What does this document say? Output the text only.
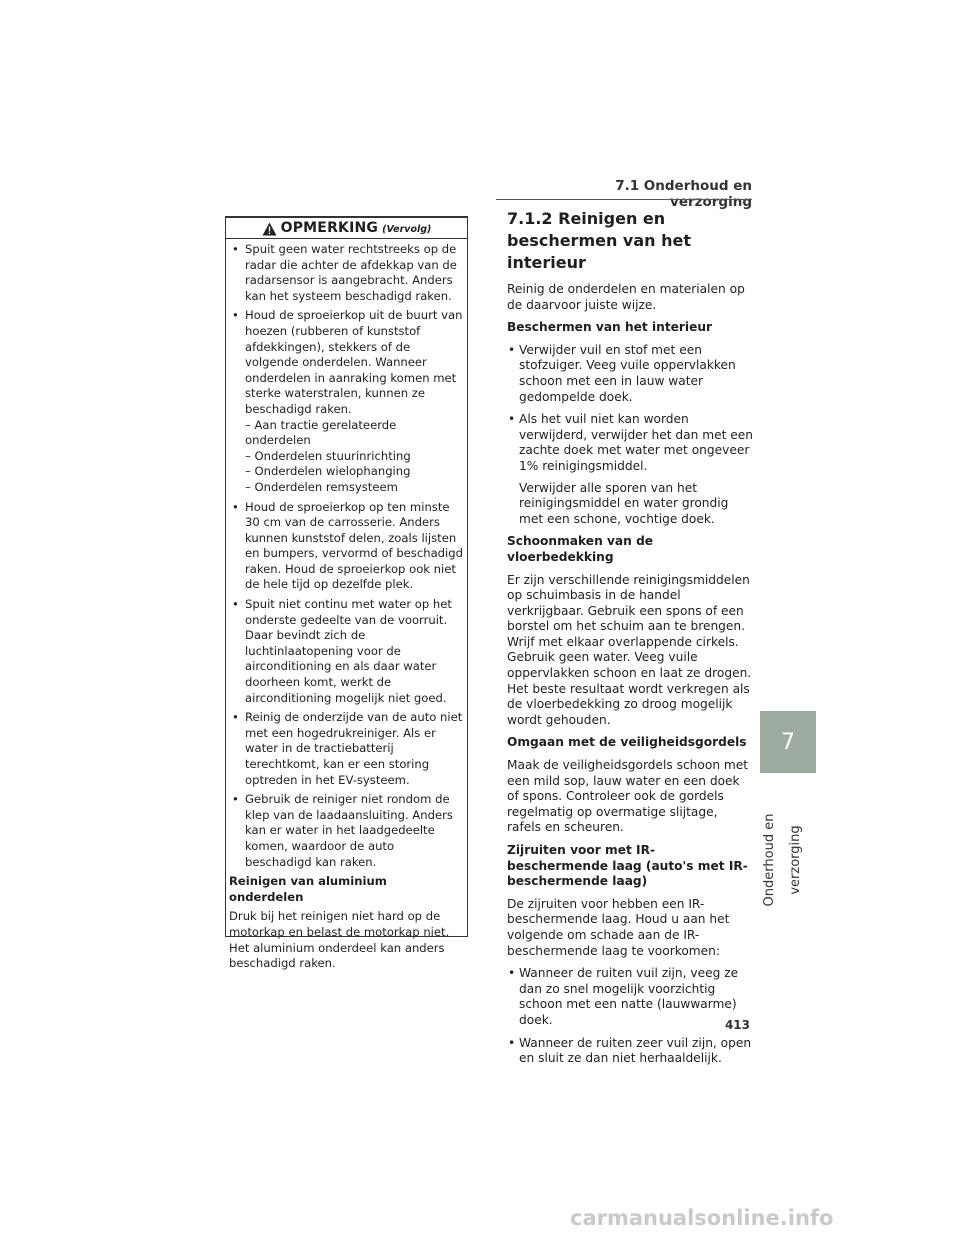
7.1 Onderhoud en verzorging
OPMERKING (Vervolg)
• Spuit geen water rechtstreeks op de radar die achter de afdekkap van de radarsensor is aangebracht. Anders kan het systeem beschadigd raken.
• Houd de sproeierkop uit de buurt van hoezen (rubberen of kunststof afdekkingen), stekkers of de volgende onderdelen. Wanneer onderdelen in aanraking komen met sterke waterstralen, kunnen ze beschadigd raken.
– Aan tractie gerelateerde onderdelen
– Onderdelen stuurinrichting
– Onderdelen wielophanging
– Onderdelen remsysteem
• Houd de sproeierkop op ten minste 30 cm van de carrosserie. Anders kunnen kunststof delen, zoals lijsten en bumpers, vervormd of beschadigd raken. Houd de sproeierkop ook niet de hele tijd op dezelfde plek.
• Spuit niet continu met water op het onderste gedeelte van de voorruit. Daar bevindt zich de luchtinlaatopening voor de airconditioning en als daar water doorheen komt, werkt de airconditioning mogelijk niet goed.
• Reinig de onderzijde van de auto niet met een hogedrukreiniger. Als er water in de tractiebatterij terechtkomt, kan er een storing optreden in het EV-systeem.
• Gebruik de reiniger niet rondom de klep van de laadaansluiting. Anders kan er water in het laadgedeelte komen, waardoor de auto beschadigd kan raken.
Reinigen van aluminium onderdelen
Druk bij het reinigen niet hard op de motorkap en belast de motorkap niet. Het aluminium onderdeel kan anders beschadigd raken.
7.1.2 Reinigen en beschermen van het interieur

Reinig de onderdelen en materialen op de daarvoor juiste wijze.

Beschermen van het interieur
• Verwijder vuil en stof met een stofzuiger. Veeg vuile oppervlakken schoon met een in lauw water gedompelde doek.
• Als het vuil niet kan worden verwijderd, verwijder het dan met een zachte doek met water met ongeveer 1% reinigingsmiddel.
Verwijder alle sporen van het reinigingsmiddel en water grondig met een schone, vochtige doek.
Schoonmaken van de vloerbedekking

Er zijn verschillende reinigingsmiddelen op schuimbasis in de handel verkrijgbaar. Gebruik een spons of een borstel om het schuim aan te brengen. Wrijf met elkaar overlappende cirkels. Gebruik geen water. Veeg vuile oppervlakken schoon en laat ze drogen. Het beste resultaat wordt verkregen als de vloerbedekking zo droog mogelijk wordt gehouden.

Omgaan met de veiligheidsgordels

Maak de veiligheidsgordels schoon met een mild sop, lauw water en een doek of spons. Controleer ook de gordels regelmatig op overmatige slijtage, rafels en scheuren.

Zijruiten voor met IR-beschermende laag (auto's met IR-beschermende laag)

De zijruiten voor hebben een IR-beschermende laag. Houd u aan het volgende om schade aan de IR-beschermende laag te voorkomen:

• Wanneer de ruiten vuil zijn, veeg ze dan zo snel mogelijk voorzichtig schoon met een natte (lauwwarme) doek.
• Wanneer de ruiten zeer vuil zijn, open en sluit ze dan niet herhaaldelijk.
7
Onderhoud en verzorging
413
carmanualsonline.info
